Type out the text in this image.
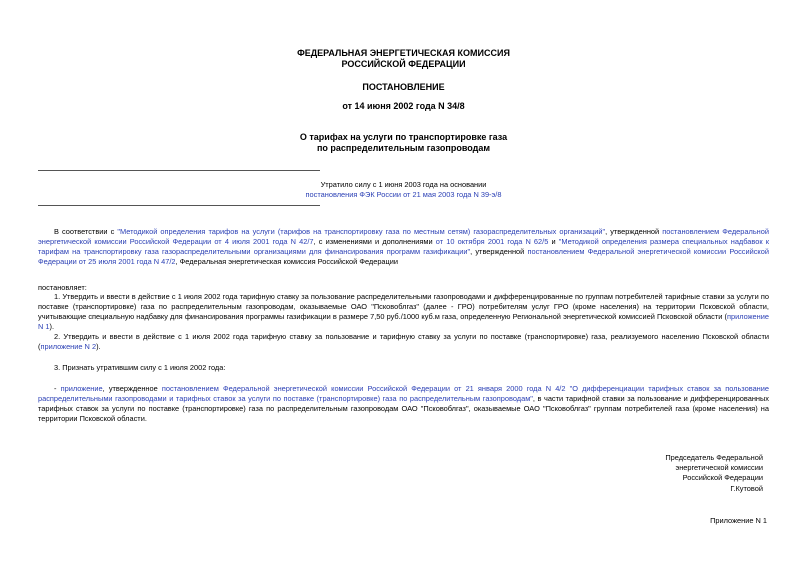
ФЕДЕРАЛЬНАЯ ЭНЕРГЕТИЧЕСКАЯ КОМИССИЯ
РОССИЙСКОЙ ФЕДЕРАЦИИ
ПОСТАНОВЛЕНИЕ
от 14 июня 2002 года N 34/8
О тарифах на услуги по транспортировке газа
по распределительным газопроводам
Утратило силу с 1 июня 2003 года на основании
постановления ФЭК России от 21 мая 2003 года N 39-э/8
В соответствии с "Методикой определения тарифов на услуги (тарифов на транспортировку газа по местным сетям) газораспределительных организаций", утвержденной постановлением Федеральной энергетической комиссии Российской Федерации от 4 июля 2001 года N 42/7, с изменениями и дополнениями от 10 октября 2001 года N 62/5 и "Методикой определения размера специальных надбавок к тарифам на транспортировку газа газораспределительными организациями для финансирования программ газификации", утвержденной постановлением Федеральной энергетической комиссии Российской Федерации от 25 июля 2001 года N 47/2, Федеральная энергетическая комиссия Российской Федерации
постановляет:
1. Утвердить и ввести в действие с 1 июля 2002 года тарифную ставку за пользование распределительными газопроводами и дифференцированные по группам потребителей тарифные ставки за услуги по поставке (транспортировке) газа по распределительным газопроводам, оказываемые ОАО "Псковоблгаз" (далее - ГРО) потребителям услуг ГРО (кроме населения) на территории Псковской области, учитывающие специальную надбавку для финансирования программы газификации в размере 7,50 руб./1000 куб.м газа, определенную Региональной энергетической комиссией Псковской области (приложение N 1).
2. Утвердить и ввести в действие с 1 июля 2002 года тарифную ставку за пользование и тарифную ставку за услуги по поставке (транспортировке) газа, реализуемого населению Псковской области (приложение N 2).
3. Признать утратившим силу с 1 июля 2002 года:
- приложение, утвержденное постановлением Федеральной энергетической комиссии Российской Федерации от 21 января 2000 года N 4/2 "О дифференциации тарифных ставок за пользование распределительными газопроводами и тарифных ставок за услуги по поставке (транспортировке) газа по распределительным газопроводам", в части тарифной ставки за пользование и дифференцированных тарифных ставок за услуги по поставке (транспортировке) газа по распределительным газопроводам ОАО "Псковоблгаз", оказываемые ОАО "Псковоблгаз" группам потребителей газа (кроме населения) на территории Псковской области.
Председатель Федеральной
энергетической комиссии
Российской Федерации
Г.Кутовой
Приложение N 1
